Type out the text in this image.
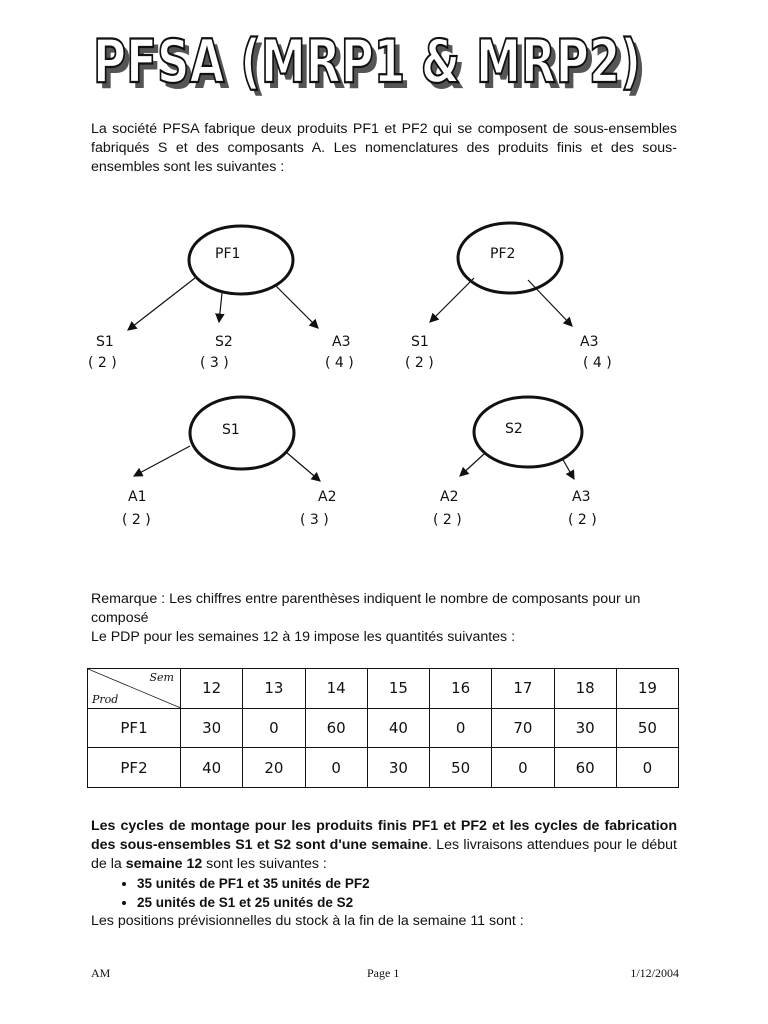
PFSA (MRP1 & MRP2)
PFSA (MRP1 & MRP2)
La société PFSA fabrique deux produits PF1 et PF2 qui se composent de sous-ensembles fabriqués S et des composants A. Les nomenclatures des produits finis et des sous-ensembles sont les suivantes :
PF1
S1
( 2 )
S2
( 3 )
A3
( 4 )
PF2
S1
( 2 )
A3
( 4 )
S1
A1
( 2 )
A2
( 3 )
S2
A2
( 2 )
A3
( 2 )
Remarque : Les chiffres entre parenthèses indiquent le nombre de composants pour un composé
Le PDP pour les semaines 12 à 19 impose les quantités suivantes :
Sem
Prod	12	13	14	15	16	17	18	19
PF1	30	0	60	40	0	70	30	50
PF2	40	20	0	30	50	0	60	0
Les cycles de montage pour les produits finis PF1 et PF2 et les cycles de fabrication des sous-ensembles S1 et S2 sont d'une semaine. Les livraisons attendues pour le début de la semaine 12 sont les suivantes :
• 35 unités de PF1 et 35 unités de PF2
• 25 unités de S1 et 25 unités de S2
Les positions prévisionnelles du stock à la fin de la semaine 11 sont :
AM	Page 1	1/12/2004
